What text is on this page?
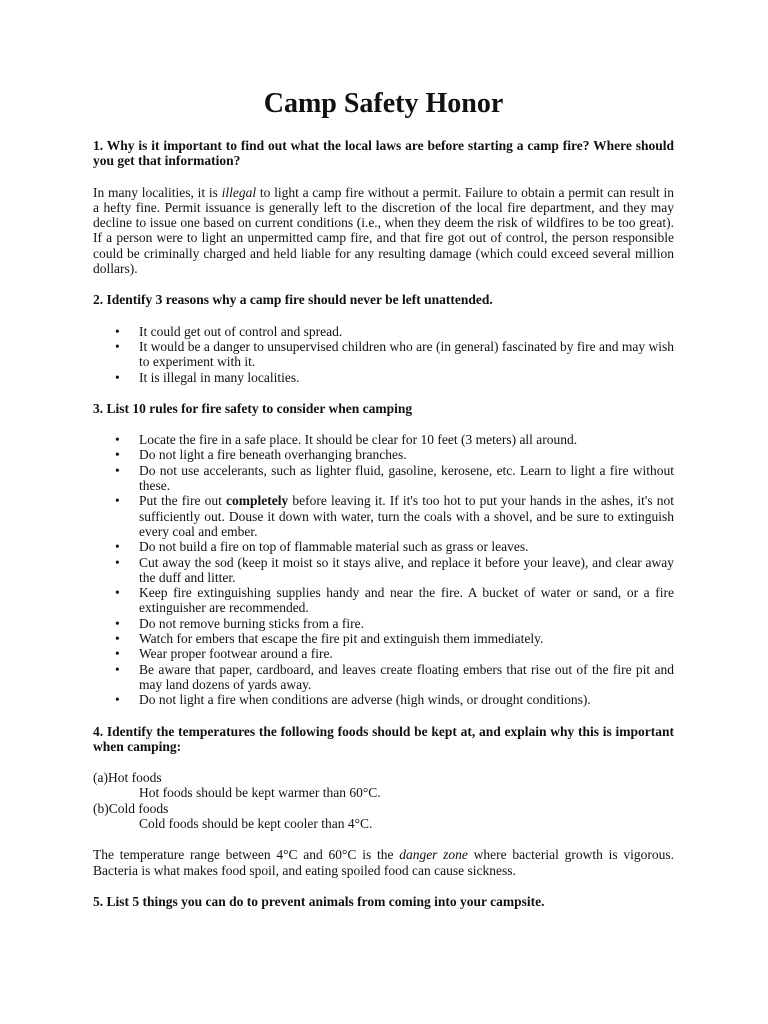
Camp Safety Honor

1. Why is it important to find out what the local laws are before starting a camp fire? Where should you get that information?

In many localities, it is illegal to light a camp fire without a permit. Failure to obtain a permit can result in a hefty fine. Permit issuance is generally left to the discretion of the local fire department, and they may decline to issue one based on current conditions (i.e., when they deem the risk of wildfires to be too great). If a person were to light an unpermitted camp fire, and that fire got out of control, the person responsible could be criminally charged and held liable for any resulting damage (which could exceed several million dollars).

2. Identify 3 reasons why a camp fire should never be left unattended.

• It could get out of control and spread.
• It would be a danger to unsupervised children who are (in general) fascinated by fire and may wish to experiment with it.
• It is illegal in many localities.

3. List 10 rules for fire safety to consider when camping

• Locate the fire in a safe place. It should be clear for 10 feet (3 meters) all around.
• Do not light a fire beneath overhanging branches.
• Do not use accelerants, such as lighter fluid, gasoline, kerosene, etc. Learn to light a fire without these.
• Put the fire out completely before leaving it. If it's too hot to put your hands in the ashes, it's not sufficiently out. Douse it down with water, turn the coals with a shovel, and be sure to extinguish every coal and ember.
• Do not build a fire on top of flammable material such as grass or leaves.
• Cut away the sod (keep it moist so it stays alive, and replace it before your leave), and clear away the duff and litter.
• Keep fire extinguishing supplies handy and near the fire. A bucket of water or sand, or a fire extinguisher are recommended.
• Do not remove burning sticks from a fire.
• Watch for embers that escape the fire pit and extinguish them immediately.
• Wear proper footwear around a fire.
• Be aware that paper, cardboard, and leaves create floating embers that rise out of the fire pit and may land dozens of yards away.
• Do not light a fire when conditions are adverse (high winds, or drought conditions).

4. Identify the temperatures the following foods should be kept at, and explain why this is important when camping:

(a)Hot foods

Hot foods should be kept warmer than 60°C.

(b)Cold foods

Cold foods should be kept cooler than 4°C.

The temperature range between 4°C and 60°C is the danger zone where bacterial growth is vigorous. Bacteria is what makes food spoil, and eating spoiled food can cause sickness.

5. List 5 things you can do to prevent animals from coming into your campsite.
